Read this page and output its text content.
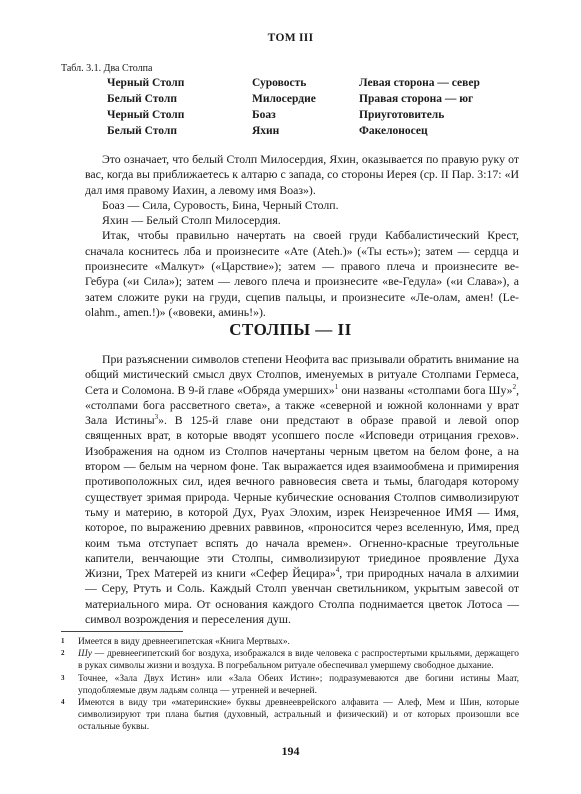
ТОМ III
Табл. 3.1. Два Столпа
Черный Столп	Суровость	Левая сторона — север
Белый Столп	Милосердие	Правая сторона — юг
Черный Столп	Боаз	Приуготовитель
Белый Столп	Яхин	Факелоносец

Это означает, что белый Столп Милосердия, Яхин, оказывается по правую руку от вас, когда вы приближаетесь к алтарю с запада, со стороны Иерея (ср. II Пар. 3:17: «И дал имя правому Иахин, а левому имя Воаз»).

Боаз — Сила, Суровость, Бина, Черный Столп.

Яхин — Белый Столп Милосердия.

Итак, чтобы правильно начертать на своей груди Каббалистический Крест, сначала коснитесь лба и произнесите «Ате (Ateh.)» («Ты есть»); затем — сердца и произнесите «Малкут» («Царствие»); затем — правого плеча и произнесите ве-Гебура («и Сила»); затем — левого плеча и произнесите «ве-Гедула» («и Слава»), а затем сложите руки на груди, сцепив пальцы, и произнесите «Ле-олам, амен! (Le- olahm., amen.!)» («вовеки, аминь!»).

СТОЛПЫ — II

При разъяснении символов степени Неофита вас призывали обратить внимание на общий мистический смысл двух Столпов, именуемых в ритуале Столпами Гермеса, Сета и Соломона. В 9-й главе «Обряда умерших»$^1$ они названы «столпами бога Шу»$^2$, «столпами бога рассветного света», а также «северной и южной колоннами у врат Зала Истины$^3$». В 125-й главе они предстают в образе правой и левой опор священных врат, в которые вводят усопшего после «Исповеди отрицания грехов». Изображения на одном из Столпов начертаны черным цветом на белом фоне, а на втором — белым на черном фоне. Так выражается идея взаимообмена и примирения противоположных сил, идея вечного равновесия света и тьмы, благодаря которому существует зримая природа. Черные кубические основания Столпов символизируют тьму и материю, в которой Дух, Руах Элохим, изрек Неизреченное ИМЯ — Имя, которое, по выражению древних раввинов, «проносится через вселенную, Имя, пред коим тьма отступает вспять до начала времен». Огненно-красные треугольные капители, венчающие эти Столпы, символизируют триединое проявление Духа Жизни, Трех Матерей из книги «Сефер Йецира»$^4$, три природных начала в алхимии — Серу, Ртуть и Соль. Каждый Столп увенчан светильником, укрытым завесой от материального мира. От основания каждого Столпа поднимается цветок Лотоса — символ возрождения и переселения душ.

1	Имеется в виду древнеегипетская «Книга Мертвых».
2	Шу — древнеегипетский бог воздуха, изображался в виде человека с распростертыми крыльями, держащего в руках символы жизни и воздуха. В погребальном ритуале обеспечивал умершему свободное дыхание.
3	Точнее, «Зала Двух Истин» или «Зала Обеих Истин»; подразумеваются две богини истины Маат, уподобляемые двум ладьям солнца — утренней и вечерней.
4	Имеются в виду три «материнские» буквы древнееврейского алфавита — Алеф, Мем и Шин, которые символизируют три плана бытия (духовный, астральный и физический) и от которых произошли все остальные буквы.
194
